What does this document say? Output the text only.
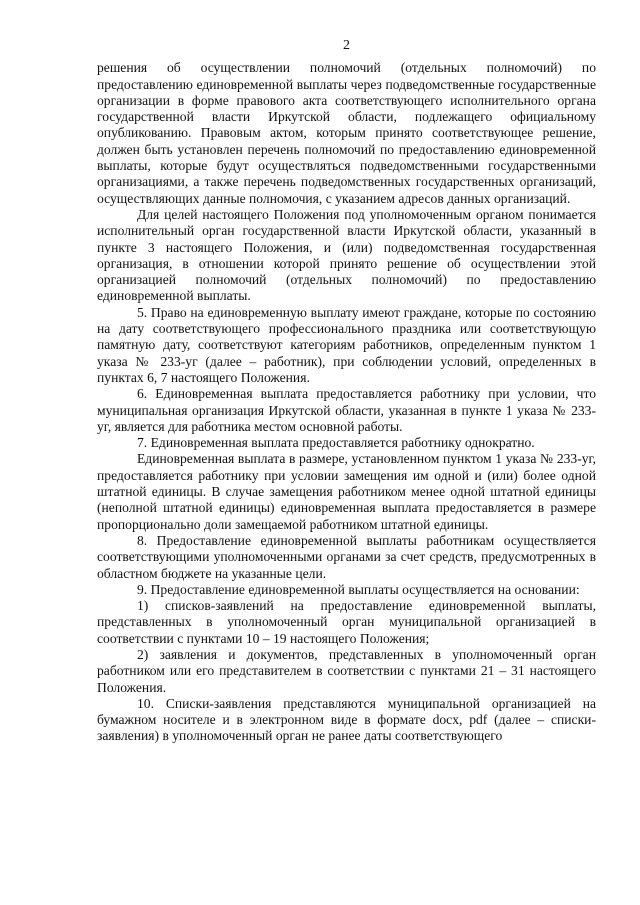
2

решения об осуществлении полномочий (отдельных полномочий) по предоставлению единовременной выплаты через подведомственные государственные организации в форме правового акта соответствующего исполнительного органа государственной власти Иркутской области, подлежащего официальному опубликованию. Правовым актом, которым принято соответствующее решение, должен быть установлен перечень полномочий по предоставлению единовременной выплаты, которые будут осуществляться подведомственными государственными организациями, а также перечень подведомственных государственных организаций, осуществляющих данные полномочия, с указанием адресов данных организаций.

Для целей настоящего Положения под уполномоченным органом понимается исполнительный орган государственной власти Иркутской области, указанный в пункте 3 настоящего Положения, и (или) подведомственная государственная организация, в отношении которой принято решение об осуществлении этой организацией полномочий (отдельных полномочий) по предоставлению единовременной выплаты.

5. Право на единовременную выплату имеют граждане, которые по состоянию на дату соответствующего профессионального праздника или соответствующую памятную дату, соответствуют категориям работников, определенным пунктом 1 указа № 233-уг (далее – работник), при соблюдении условий, определенных в пунктах 6, 7 настоящего Положения.

6. Единовременная выплата предоставляется работнику при условии, что муниципальная организация Иркутской области, указанная в пункте 1 указа № 233-уг, является для работника местом основной работы.

7. Единовременная выплата предоставляется работнику однократно.

Единовременная выплата в размере, установленном пунктом 1 указа № 233-уг, предоставляется работнику при условии замещения им одной и (или) более одной штатной единицы. В случае замещения работником менее одной штатной единицы (неполной штатной единицы) единовременная выплата предоставляется в размере пропорционально доли замещаемой работником штатной единицы.

8. Предоставление единовременной выплаты работникам осуществляется соответствующими уполномоченными органами за счет средств, предусмотренных в областном бюджете на указанные цели.

9. Предоставление единовременной выплаты осуществляется на основании:

1) списков-заявлений на предоставление единовременной выплаты, представленных в уполномоченный орган муниципальной организацией в соответствии с пунктами 10 – 19 настоящего Положения;

2) заявления и документов, представленных в уполномоченный орган работником или его представителем в соответствии с пунктами 21 – 31 настоящего Положения.

10. Списки-заявления представляются муниципальной организацией на бумажном носителе и в электронном виде в формате docx, pdf (далее – списки-заявления) в уполномоченный орган не ранее даты соответствующего
